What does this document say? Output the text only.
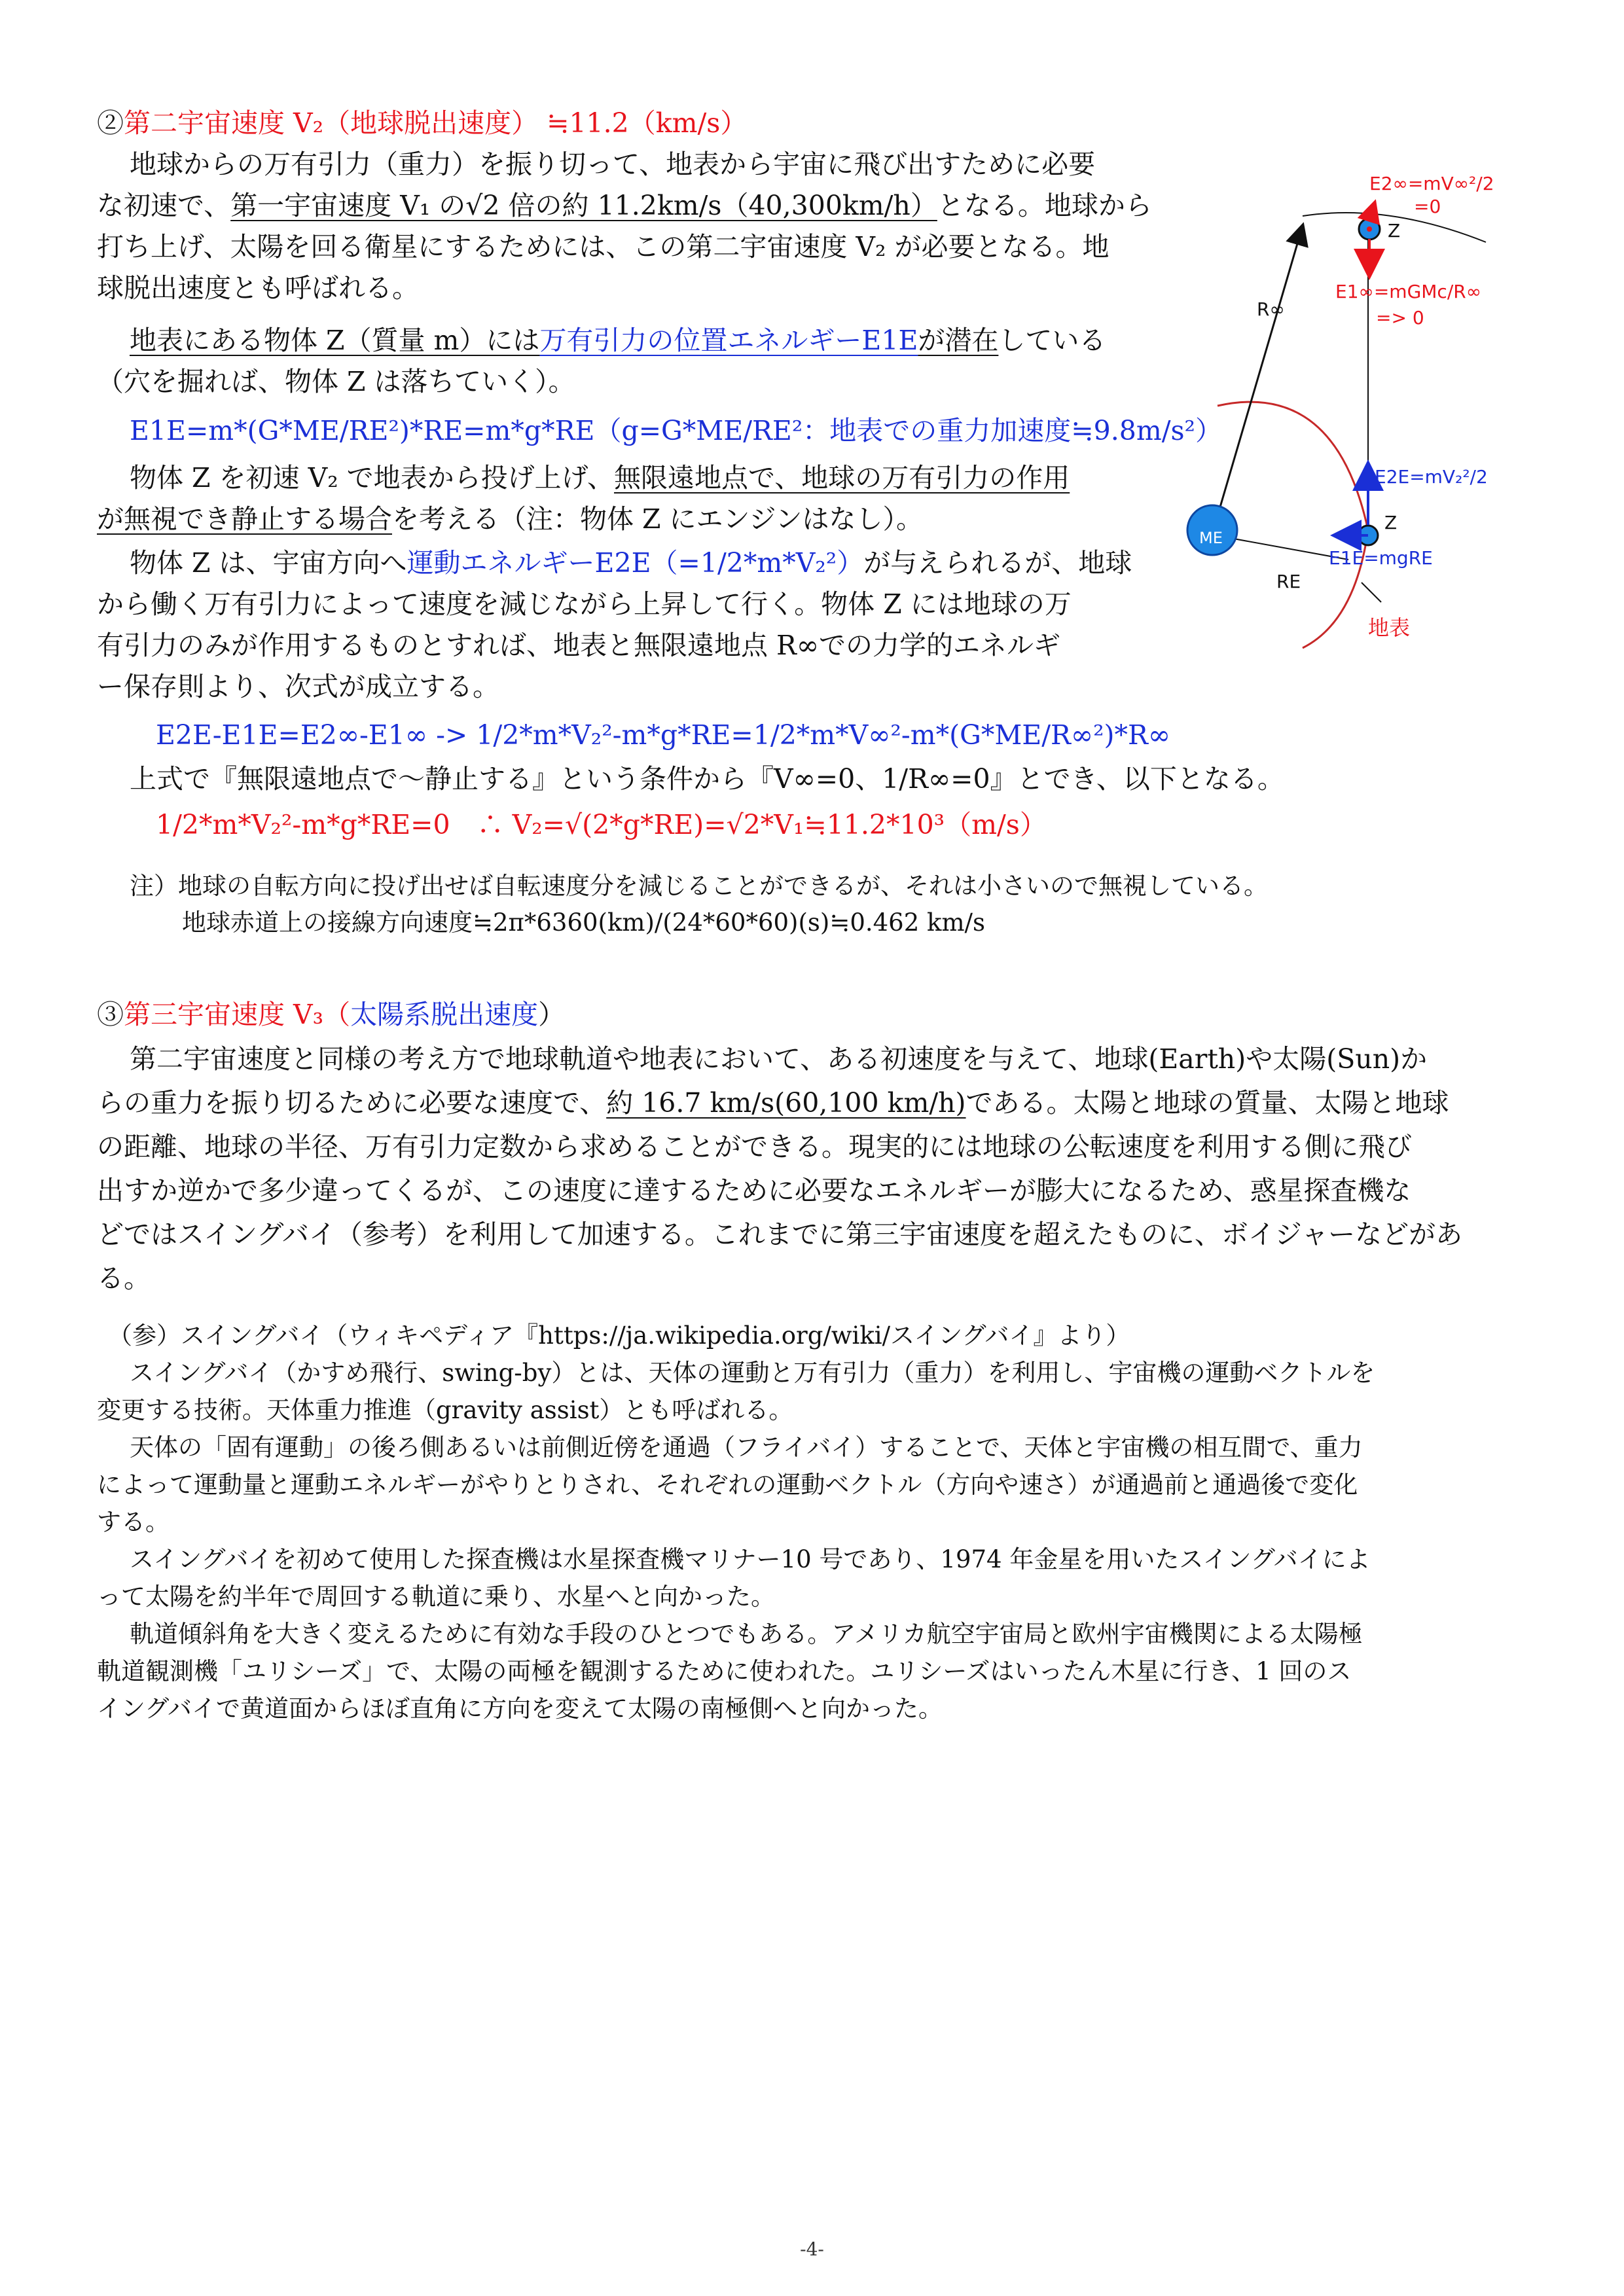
②第二宇宙速度 V₂（地球脱出速度） ≒11.2（km/s）
地球からの万有引力（重力）を振り切って、地表から宇宙に飛び出すために必要
な初速で、第一宇宙速度 V₁ の√2 倍の約 11.2km/s（40,300km/h）となる。地球から
打ち上げ、太陽を回る衛星にするためには、この第二宇宙速度 V₂ が必要となる。地
球脱出速度とも呼ばれる。
地表にある物体 Z（質量 m）には万有引力の位置エネルギーE1Eが潜在している
（穴を掘れば、物体 Z は落ちていく）。
E1E=m*(G*ME/RE²)*RE=m*g*RE（g=G*ME/RE²：地表での重力加速度≒9.8m/s²）
物体 Z を初速 V₂ で地表から投げ上げ、無限遠地点で、地球の万有引力の作用
が無視でき静止する場合を考える（注：物体 Z にエンジンはなし）。
物体 Z は、宇宙方向へ運動エネルギーE2E（=1/2*m*V₂²）が与えられるが、地球
から働く万有引力によって速度を減じながら上昇して行く。物体 Z には地球の万
有引力のみが作用するものとすれば、地表と無限遠地点 R∞での力学的エネルギ
ー保存則より、次式が成立する。
E2E-E1E=E2∞-E1∞ -> 1/2*m*V₂²-m*g*RE=1/2*m*V∞²-m*(G*ME/R∞²)*R∞
上式で『無限遠地点で〜静止する』という条件から『V∞=0、1/R∞=0』とでき、以下となる。
1/2*m*V₂²-m*g*RE=0　∴ V₂=√(2*g*RE)=√2*V₁≒11.2*10³（m/s）
注）地球の自転方向に投げ出せば自転速度分を減じることができるが、それは小さいので無視している。
地球赤道上の接線方向速度≒2π*6360(km)/(24*60*60)(s)≒0.462 km/s
E2∞=mV∞²/2
=0
Z
E1∞=mGMc/R∞
=> 0
R∞
E2E=mV₂²/2
Z
ME
E1E=mgRE
RE
地表
③第三宇宙速度 V₃（太陽系脱出速度）
第二宇宙速度と同様の考え方で地球軌道や地表において、ある初速度を与えて、地球(Earth)や太陽(Sun)か
らの重力を振り切るために必要な速度で、約 16.7 km/s(60,100 km/h)である。太陽と地球の質量、太陽と地球
の距離、地球の半径、万有引力定数から求めることができる。現実的には地球の公転速度を利用する側に飛び
出すか逆かで多少違ってくるが、この速度に達するために必要なエネルギーが膨大になるため、惑星探査機な
どではスイングバイ（参考）を利用して加速する。これまでに第三宇宙速度を超えたものに、ボイジャーなどがあ
る。
（参）スイングバイ（ウィキペディア『https://ja.wikipedia.org/wiki/スイングバイ』より）
スイングバイ（かすめ飛行、swing-by）とは、天体の運動と万有引力（重力）を利用し、宇宙機の運動ベクトルを
変更する技術。天体重力推進（gravity assist）とも呼ばれる。
天体の「固有運動」の後ろ側あるいは前側近傍を通過（フライバイ）することで、天体と宇宙機の相互間で、重力
によって運動量と運動エネルギーがやりとりされ、それぞれの運動ベクトル（方向や速さ）が通過前と通過後で変化
する。
スイングバイを初めて使用した探査機は水星探査機マリナー10 号であり、1974 年金星を用いたスイングバイによ
って太陽を約半年で周回する軌道に乗り、水星へと向かった。
軌道傾斜角を大きく変えるために有効な手段のひとつでもある。アメリカ航空宇宙局と欧州宇宙機関による太陽極
軌道観測機「ユリシーズ」で、太陽の両極を観測するために使われた。ユリシーズはいったん木星に行き、1 回のス
イングバイで黄道面からほぼ直角に方向を変えて太陽の南極側へと向かった。
-4-
